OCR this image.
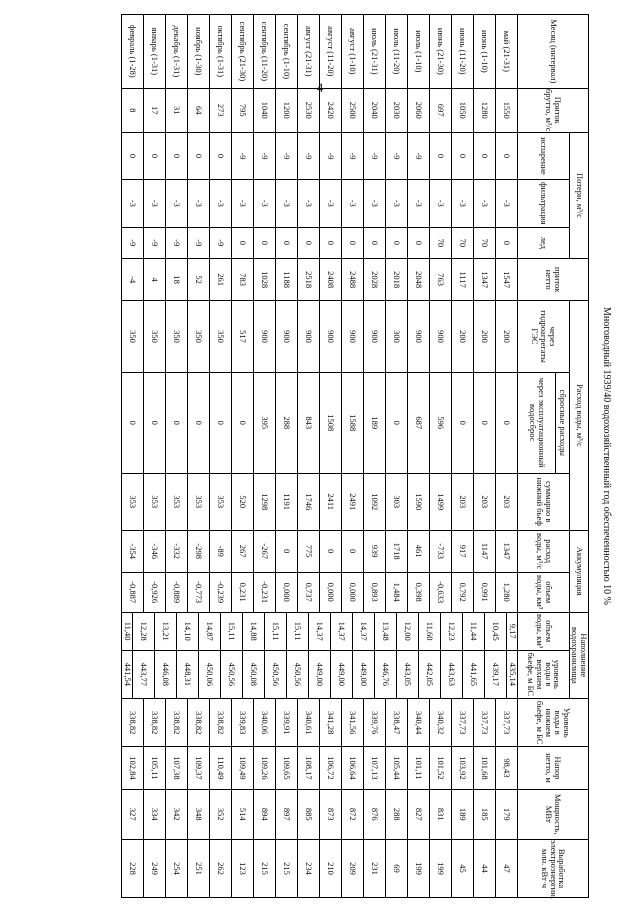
4
Многоводный 1939/40 водохозяйственный год обеспеченностью 10 %
Месяц (интервал)	Приток брутто, м³/с	Потери, м³/с			приток нетто	Расход воды, м³/с			Аккумуляция		Наполнение водохранилища		Уровень воды в нижнем бьефе, м БС	Напор нетто, м	Мощность, МВт	Выработка электроэнергии, млн. кВт·ч
		испарение	фильтрация	лед		через гидроагрегаты ГЭС	сбросные расходы	суммарно в нижний бьеф	расход воды, м³/с	объем воды, км³	объем воды, км³	уровень воды в верхнем бьефе, м БС				
							через эксплуатационный водосброс									
май (21-31)	1550	0	-3	0	1547	200	0	203	1347	1,280	9,17	435,14	337,73	98,43	179	47
											10,45	439,17				
июнь (1-10)	1280	0	-3	70	1347	200	0	203	1147	0,991			337,73	101,68	185	44
											11,44	441,65				
июнь (11-20)	1050	0	-3	70	1117	200	0	203	917	0,792			337,73	103,92	189	45
											12,23	443,63				
июнь (21-30)	697	0	-3	70	763	900	596	1499	-733	-0,633			340,32	101,52	831	199
											11,60	442,05				
июль (1-10)	2060	-9	-3	0	2048	900	687	1590	461	0,398			340,44	101,11	827	199
											12,00	443,05				
июль (11-20)	2030	-9	-3	0	2018	300	0	303	1718	1,484			338,47	105,44	288	69
											13,48	446,76				
июль (21-31)	2040	-9	-3	0	2028	900	189	1092	939	0,893			339,76	107,13	876	231
											14,37	449,00				
август (1-10)	2500	-9	-3	0	2488	900	1588	2491	0	0,000			341,56	106,64	872	209
											14,37	449,00				
август (11-20)	2420	-9	-3	0	2408	900	1508	2411	0	0,000			341,28	106,72	873	210
											14,37	449,00				
август (21-31)	2530	-9	-3	0	2518	900	843	1746	775	0,737			340,61	108,17	885	234
											15,11	450,56				
сентябрь (1-10)	1200	-9	-3	0	1188	900	288	1191	0	0,000			339,91	109,65	897	215
											15,11	450,56				
сентябрь (11-20)	1040	-9	-3	0	1028	900	395	1298	-267	-0,231			340,06	109,26	894	215
											14,88	450,08				
сентябрь (21-30)	795	-9	-3	0	783	517	0	520	267	0,231			339,83	109,49	514	123
											15,11	450,56				
октябрь (1-31)	273	0	-3	-9	261	350	0	353	-89	-0,239			338,82	110,49	352	262
											14,87	450,06				
ноябрь (1-30)	64	0	-3	-9	52	350	0	353	-298	-0,773			338,82	109,37	348	251
											14,10	448,31				
декабрь (1-31)	31	0	-3	-9	18	350	0	353	-332	-0,889			338,82	107,38	342	254
											13,21	446,08				
январь (1-31)	17	0	-3	-9	4	350	0	353	-346	-0,926			338,82	105,11	334	249
											12,28	443,77				
февраль (1-28)	8	0	-3	-9	-4	350	0	353	-354	-0,887			338,82	102,84	327	228
											11,40	441,54				
